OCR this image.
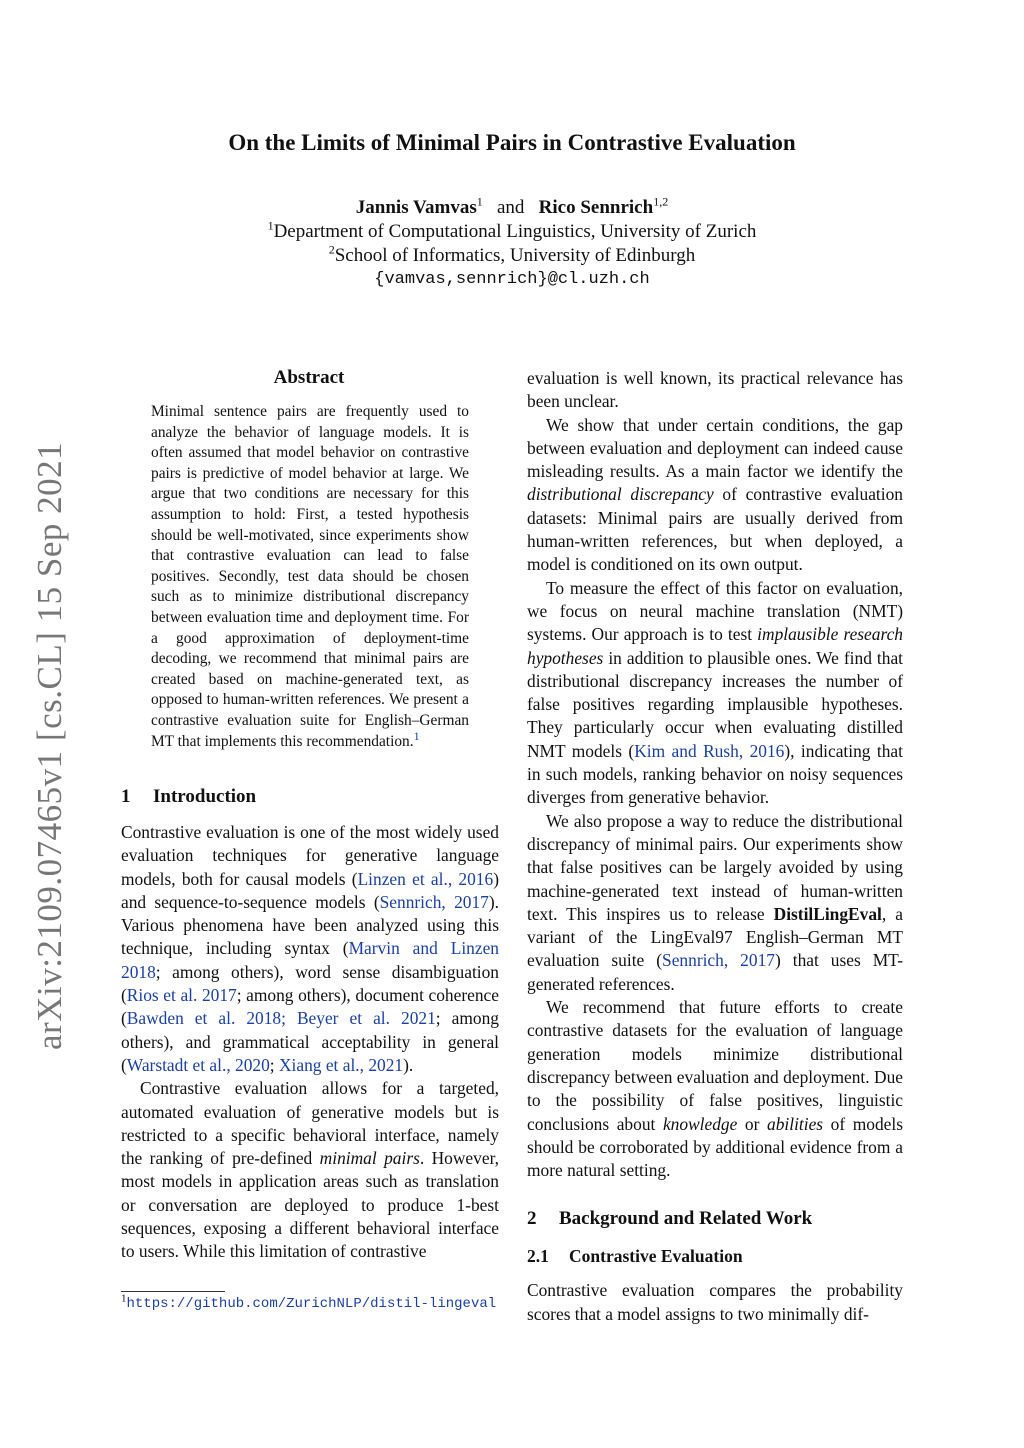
On the Limits of Minimal Pairs in Contrastive Evaluation
Jannis Vamvas$^1$ and Rico Sennrich$^{1,2}$
$^1$Department of Computational Linguistics, University of Zurich
$^2$School of Informatics, University of Edinburgh
{vamvas,sennrich}@cl.uzh.ch
arXiv:2109.07465v1 [cs.CL] 15 Sep 2021
Abstract
Minimal sentence pairs are frequently used to analyze the behavior of language models. It is often assumed that model behavior on contrastive pairs is predictive of model behavior at large. We argue that two conditions are necessary for this assumption to hold: First, a tested hypothesis should be well-motivated, since experiments show that contrastive evaluation can lead to false positives. Secondly, test data should be chosen such as to minimize distributional discrepancy between evaluation time and deployment time. For a good approximation of deployment-time decoding, we recommend that minimal pairs are created based on machine-generated text, as opposed to human-written references. We present a contrastive evaluation suite for English–German MT that implements this recommendation.$^1$
1 Introduction

Contrastive evaluation is one of the most widely used evaluation techniques for generative language models, both for causal models (Linzen et al., 2016) and sequence-to-sequence models (Sennrich, 2017). Various phenomena have been analyzed using this technique, including syntax (Marvin and Linzen 2018; among others), word sense disambiguation (Rios et al. 2017; among others), document coherence (Bawden et al. 2018; Beyer et al. 2021; among others), and grammatical acceptability in general (Warstadt et al., 2020; Xiang et al., 2021).

Contrastive evaluation allows for a targeted, automated evaluation of generative models but is restricted to a specific behavioral interface, namely the ranking of pre-defined minimal pairs. However, most models in application areas such as translation or conversation are deployed to produce 1-best sequences, exposing a different behavioral interface to users. While this limitation of contrastive

$^1$https://github.com/ZurichNLP/distil-lingeval

evaluation is well known, its practical relevance has been unclear.

We show that under certain conditions, the gap between evaluation and deployment can indeed cause misleading results. As a main factor we identify the distributional discrepancy of contrastive evaluation datasets: Minimal pairs are usually derived from human-written references, but when deployed, a model is conditioned on its own output.

To measure the effect of this factor on evaluation, we focus on neural machine translation (NMT) systems. Our approach is to test implausible research hypotheses in addition to plausible ones. We find that distributional discrepancy increases the number of false positives regarding implausible hypotheses. They particularly occur when evaluating distilled NMT models (Kim and Rush, 2016), indicating that in such models, ranking behavior on noisy sequences diverges from generative behavior.

We also propose a way to reduce the distributional discrepancy of minimal pairs. Our experiments show that false positives can be largely avoided by using machine-generated text instead of human-written text. This inspires us to release DistilLingEval, a variant of the LingEval97 English–German MT evaluation suite (Sennrich, 2017) that uses MT-generated references.

We recommend that future efforts to create contrastive datasets for the evaluation of language generation models minimize distributional discrepancy between evaluation and deployment. Due to the possibility of false positives, linguistic conclusions about knowledge or abilities of models should be corroborated by additional evidence from a more natural setting.

2 Background and Related Work
2.1 Contrastive Evaluation

Contrastive evaluation compares the probability scores that a model assigns to two minimally dif-
